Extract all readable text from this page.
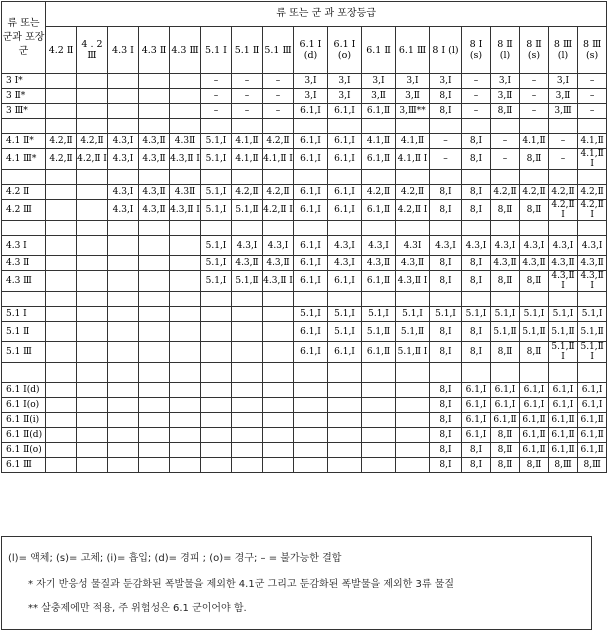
류 또는 군과 포장군	류 또는 군 과 포장등급																	
	4.2 Ⅱ	4 . 2 Ⅲ	4.3 Ⅰ	4.3 Ⅱ	4.3 Ⅲ	5.1 Ⅰ	5.1 Ⅱ	5.1 Ⅲ	6.1 Ⅰ (d)	6.1 Ⅰ (o)	6.1 Ⅱ	6.1 Ⅲ	8 Ⅰ (l)	8 Ⅰ (s)	8 Ⅱ (l)	8 Ⅱ (s)	8 Ⅲ (l)	8 Ⅲ (s)
3 Ⅰ*						–	–	–	3,Ⅰ	3,Ⅰ	3,Ⅰ	3,Ⅰ	3,Ⅰ	–	3,Ⅰ	–	3,Ⅰ	–
3 Ⅱ*						–	–	–	3,Ⅰ	3,Ⅰ	3,Ⅱ	3,Ⅱ	8,Ⅰ	–	3,Ⅱ	–	3,Ⅱ	–
3 Ⅲ*						–	–	–	6.1,Ⅰ	6.1,Ⅰ	6.1,Ⅱ	3,Ⅲ**	8,Ⅰ	–	8,Ⅱ	–	3,Ⅲ	–

4.1 Ⅱ*	4.2,Ⅱ	4.2,Ⅱ	4.3,Ⅰ	4.3,Ⅱ	4.3Ⅱ	5.1,Ⅰ	4.1,Ⅱ	4.2,Ⅱ	6.1,Ⅰ	6.1,Ⅰ	4.1,Ⅱ	4.1,Ⅱ	–	8,Ⅰ	–	4.1,Ⅱ	–	4.1,Ⅱ
4.1 Ⅲ*	4.2,Ⅱ	4.2,Ⅱ Ⅰ	4.3,Ⅰ	4.3,Ⅱ	4.3,Ⅱ Ⅰ	5.1,Ⅰ	4.1,Ⅱ	4.1,Ⅱ Ⅰ	6.1,Ⅰ	6.1,Ⅰ	6.1,Ⅱ	4.1,Ⅱ Ⅰ	–	8,Ⅰ	–	8,Ⅱ	–	4.1,Ⅱ Ⅰ

4.2 Ⅱ			4.3,Ⅰ	4.3,Ⅱ	4.3Ⅱ	5.1,Ⅰ	4.2,Ⅱ	4.2,Ⅱ	6.1,Ⅰ	6.1,Ⅰ	4.2,Ⅱ	4.2,Ⅱ	8,Ⅰ	8,Ⅰ	4.2,Ⅱ	4.2,Ⅱ	4.2,Ⅱ	4.2,Ⅱ
4.2 Ⅲ			4.3,Ⅰ	4.3,Ⅱ	4.3,Ⅱ Ⅰ	5.1,Ⅰ	5.1,Ⅱ	4.2,Ⅱ Ⅰ	6.1,Ⅰ	6.1,Ⅰ	6.1,Ⅱ	4.2,Ⅱ Ⅰ	8,Ⅰ	8,Ⅰ	8,Ⅱ	8,Ⅱ	4.2,Ⅱ Ⅰ	4.2,Ⅱ Ⅰ

4.3 Ⅰ						5.1,Ⅰ	4.3,Ⅰ	4.3,Ⅰ	6.1,Ⅰ	4.3,Ⅰ	4.3,Ⅰ	4.3Ⅰ	4.3,Ⅰ	4.3,Ⅰ	4.3,Ⅰ	4.3,Ⅰ	4.3,Ⅰ	4.3,Ⅰ
4.3 Ⅱ						5.1,Ⅰ	4.3,Ⅱ	4.3,Ⅱ	6.1,Ⅰ	4.3,Ⅰ	4.3,Ⅱ	4.3,Ⅱ	8,Ⅰ	8,Ⅰ	4.3,Ⅱ	4.3,Ⅱ	4.3,Ⅱ	4.3,Ⅱ
4.3 Ⅲ						5.1,Ⅰ	5.1,Ⅱ	4.3,Ⅱ Ⅰ	6.1,Ⅰ	6.1,Ⅰ	6.1,Ⅱ	4.3,Ⅱ Ⅰ	8,Ⅰ	8,Ⅰ	8,Ⅱ	8,Ⅱ	4.3,Ⅱ Ⅰ	4.3,Ⅱ Ⅰ

5.1 Ⅰ									5.1,Ⅰ	5.1,Ⅰ	5.1,Ⅰ	5.1,Ⅰ	5.1,Ⅰ	5.1,Ⅰ	5.1,Ⅰ	5.1,Ⅰ	5.1,Ⅰ	5.1,Ⅰ
5.1 Ⅱ									6.1,Ⅰ	5.1,Ⅰ	5.1,Ⅱ	5.1,Ⅱ	8,Ⅰ	8,Ⅰ	5.1,Ⅱ	5.1,Ⅱ	5.1,Ⅱ	5.1,Ⅱ
5.1 Ⅲ									6.1,Ⅰ	6.1,Ⅰ	6.1,Ⅱ	5.1,Ⅱ Ⅰ	8,Ⅰ	8,Ⅰ	8,Ⅱ	8,Ⅱ	5.1,Ⅱ Ⅰ	5.1,Ⅱ Ⅰ

6.1 Ⅰ(d)													8,Ⅰ	6.1,Ⅰ	6.1,Ⅰ	6.1,Ⅰ	6.1,Ⅰ	6.1,Ⅰ
6.1 Ⅰ(o)													8,Ⅰ	6.1,Ⅰ	6.1,Ⅰ	6.1,Ⅰ	6.1,Ⅰ	6.1,Ⅰ
6.1 Ⅱ(i)													8,Ⅰ	6.1,Ⅰ	6.1,Ⅱ	6.1,Ⅱ	6.1,Ⅱ	6.1,Ⅱ
6.1 Ⅱ(d)													8,Ⅰ	6.1,Ⅰ	8,Ⅱ	6.1,Ⅱ	6.1,Ⅱ	6.1,Ⅱ
6.1 Ⅱ(o)													8,Ⅰ	8,Ⅰ	8,Ⅱ	6.1,Ⅱ	6.1,Ⅱ	6.1,Ⅱ
6.1 Ⅲ													8,Ⅰ	8,Ⅰ	8,Ⅱ	8,Ⅱ	8,Ⅲ	8,Ⅲ
(l)= 액체; (s)= 고체; (i)= 흡입; (d)= 경피 ; (o)= 경구; – = 불가능한 결합
* 자기 반응성 물질과 둔감화된 폭발물을 제외한 4.1군 그리고 둔감화된 폭발물을 제외한 3류 물질
** 살충제에만 적용, 주 위험성은 6.1 군이어야 함.
